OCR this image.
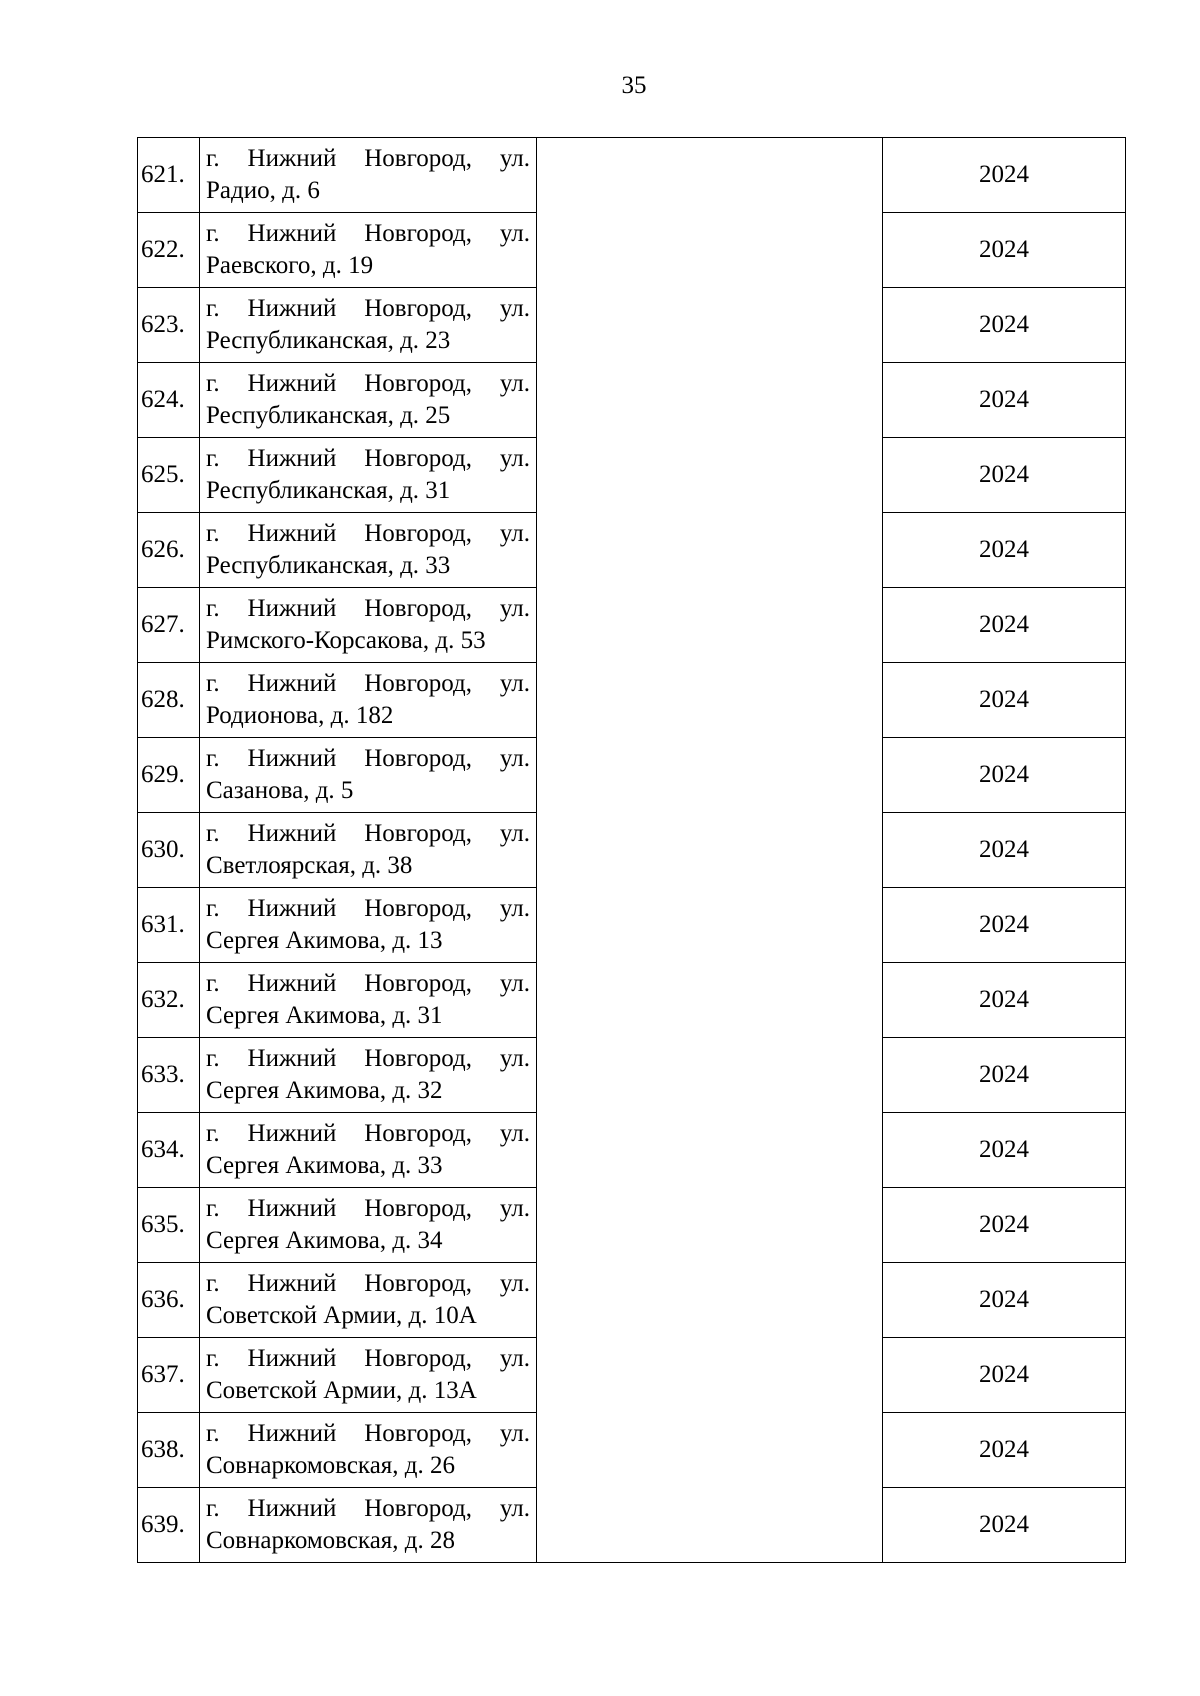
35
621.	г. Нижний Новгород, ул.
Радио, д. 6		2024
622.	г. Нижний Новгород, ул.
Раевского, д. 19		2024
623.	г. Нижний Новгород, ул.
Республиканская, д. 23		2024
624.	г. Нижний Новгород, ул.
Республиканская, д. 25		2024
625.	г. Нижний Новгород, ул.
Республиканская, д. 31		2024
626.	г. Нижний Новгород, ул.
Республиканская, д. 33		2024
627.	г. Нижний Новгород, ул.
Римского-Корсакова, д. 53		2024
628.	г. Нижний Новгород, ул.
Родионова, д. 182		2024
629.	г. Нижний Новгород, ул.
Сазанова, д. 5		2024
630.	г. Нижний Новгород, ул.
Светлоярская, д. 38		2024
631.	г. Нижний Новгород, ул.
Сергея Акимова, д. 13		2024
632.	г. Нижний Новгород, ул.
Сергея Акимова, д. 31		2024
633.	г. Нижний Новгород, ул.
Сергея Акимова, д. 32		2024
634.	г. Нижний Новгород, ул.
Сергея Акимова, д. 33		2024
635.	г. Нижний Новгород, ул.
Сергея Акимова, д. 34		2024
636.	г. Нижний Новгород, ул.
Советской Армии, д. 10А		2024
637.	г. Нижний Новгород, ул.
Советской Армии, д. 13А		2024
638.	г. Нижний Новгород, ул.
Совнаркомовская, д. 26		2024
639.	г. Нижний Новгород, ул.
Совнаркомовская, д. 28		2024
